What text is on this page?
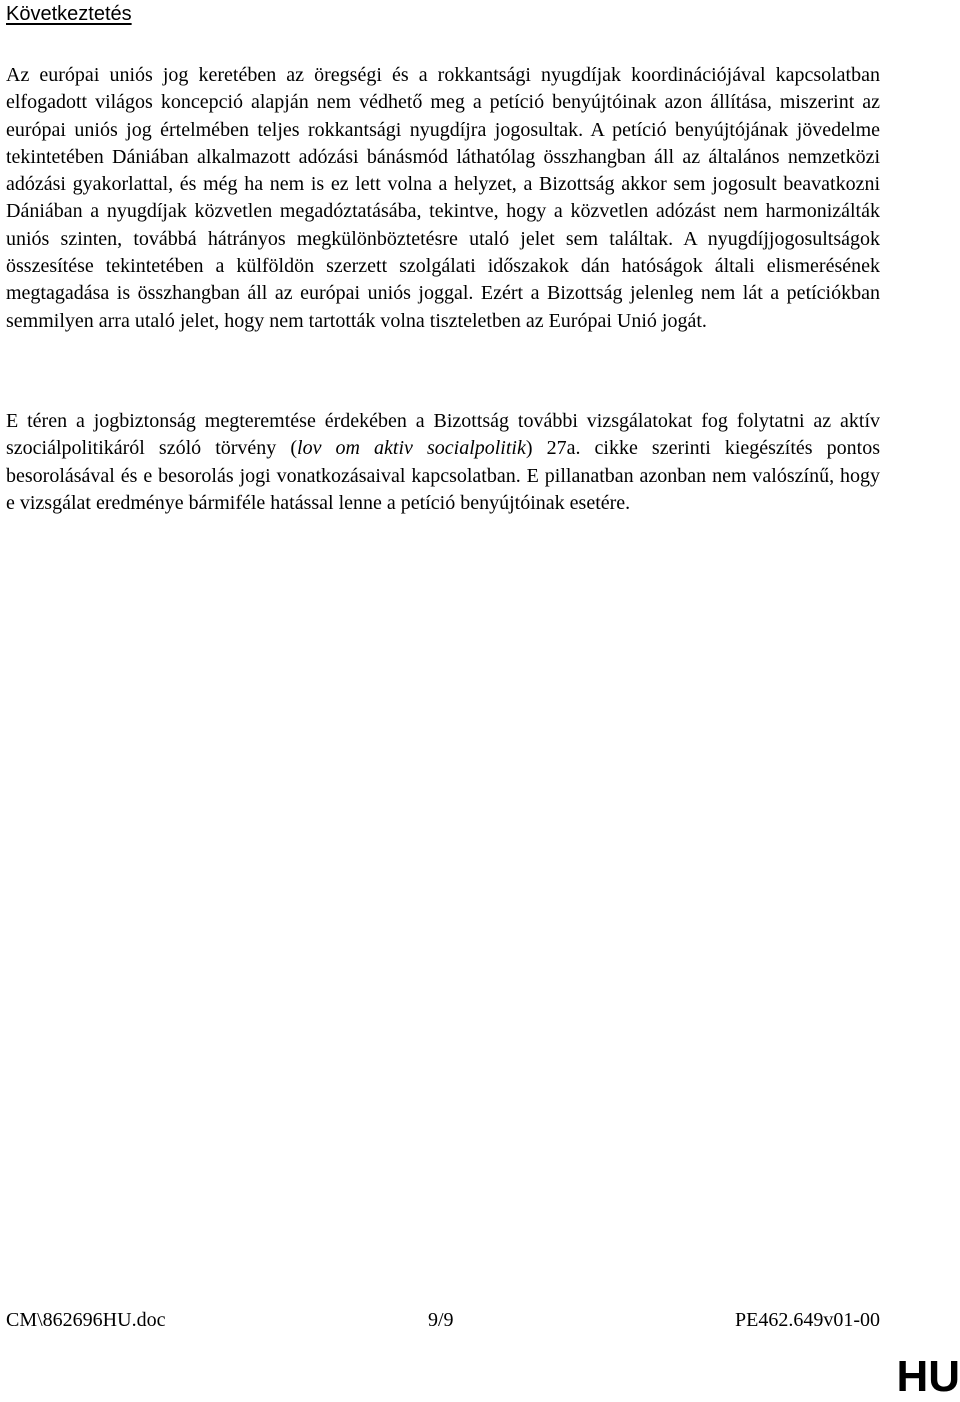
Következtetés

Az európai uniós jog keretében az öregségi és a rokkantsági nyugdíjak koordinációjával kapcsolatban elfogadott világos koncepció alapján nem védhető meg a petíció benyújtóinak azon állítása, miszerint az európai uniós jog értelmében teljes rokkantsági nyugdíjra jogosultak. A petíció benyújtójának jövedelme tekintetében Dániában alkalmazott adózási bánásmód láthatólag összhangban áll az általános nemzetközi adózási gyakorlattal, és még ha nem is ez lett volna a helyzet, a Bizottság akkor sem jogosult beavatkozni Dániában a nyugdíjak közvetlen megadóztatásába, tekintve, hogy a közvetlen adózást nem harmonizálták uniós szinten, továbbá hátrányos megkülönböztetésre utaló jelet sem találtak. A nyugdíjjogosultságok összesítése tekintetében a külföldön szerzett szolgálati időszakok dán hatóságok általi elismerésének megtagadása is összhangban áll az európai uniós joggal. Ezért a Bizottság jelenleg nem lát a petíciókban semmilyen arra utaló jelet, hogy nem tartották volna tiszteletben az Európai Unió jogát.

E téren a jogbiztonság megteremtése érdekében a Bizottság további vizsgálatokat fog folytatni az aktív szociálpolitikáról szóló törvény (lov om aktiv socialpolitik) 27a. cikke szerinti kiegészítés pontos besorolásával és e besorolás jogi vonatkozásaival kapcsolatban. E pillanatban azonban nem valószínű, hogy e vizsgálat eredménye bármiféle hatással lenne a petíció benyújtóinak esetére.

CM\862696HU.doc	9/9	PE462.649v01-00
HU
